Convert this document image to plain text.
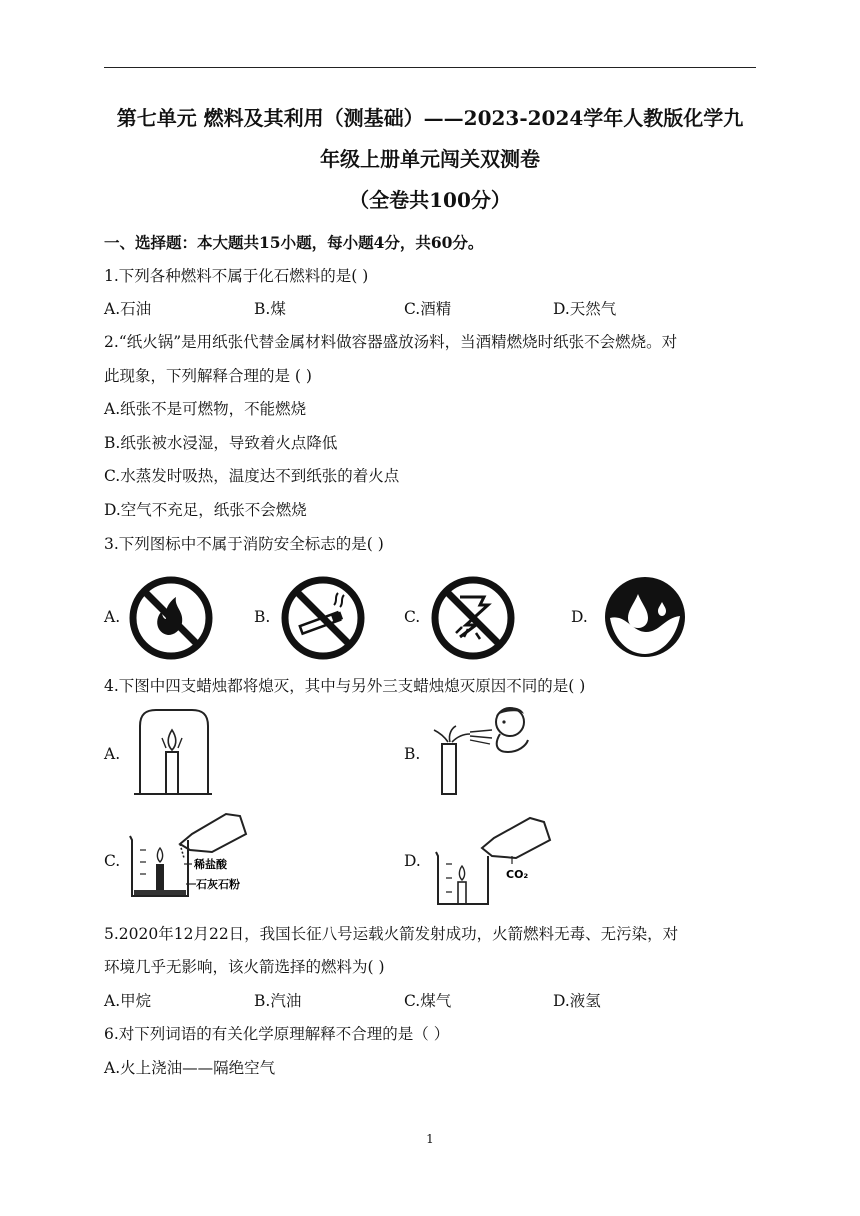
第七单元 燃料及其利用（测基础）——2023-2024学年人教版化学九
年级上册单元闯关双测卷
（全卷共100分）
一、选择题：本大题共15小题，每小题4分，共60分。
1.下列各种燃料不属于化石燃料的是( )
A.石油	B.煤	C.酒精	D.天然气
2.“纸火锅”是用纸张代替金属材料做容器盛放汤料，当酒精燃烧时纸张不会燃烧。对
此现象，下列解释合理的是 ( )
A.纸张不是可燃物，不能燃烧
B.纸张被水浸湿，导致着火点降低
C.水蒸发时吸热，温度达不到纸张的着火点
D.空气不充足，纸张不会燃烧
3.下列图标中不属于消防安全标志的是( )
A.	B.	C.	D.
4.下图中四支蜡烛都将熄灭，其中与另外三支蜡烛熄灭原因不同的是( )
A.	B.
C.	D.
稀盐酸
石灰石粉
CO₂
5.2020年12月22日，我国长征八号运载火箭发射成功，火箭燃料无毒、无污染，对
环境几乎无影响，该火箭选择的燃料为( )
A.甲烷	B.汽油	C.煤气	D.液氢
6.对下列词语的有关化学原理解释不合理的是（ ）
A.火上浇油——隔绝空气
1
